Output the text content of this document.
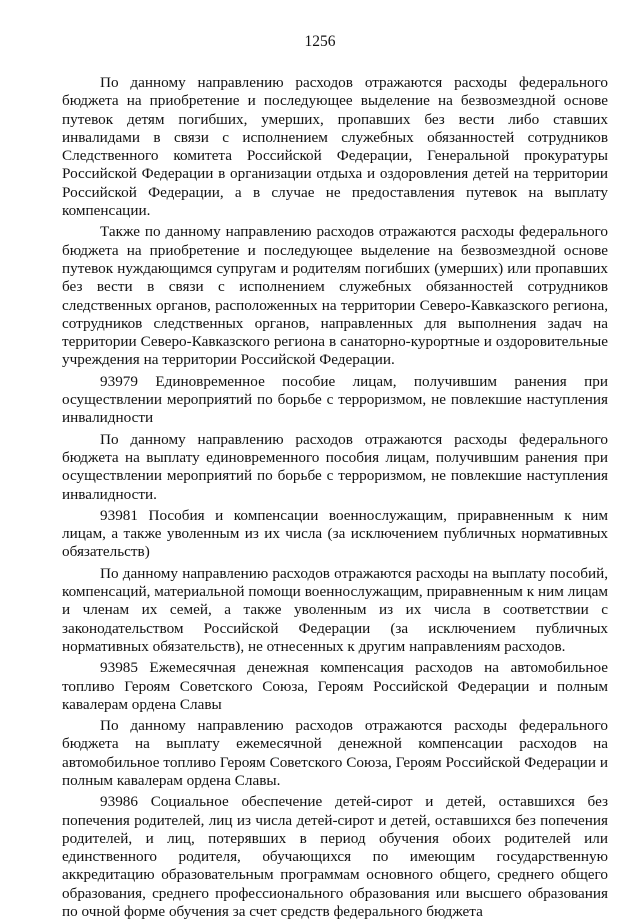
1256

По данному направлению расходов отражаются расходы федерального бюджета на приобретение и последующее выделение на безвозмездной основе путевок детям погибших, умерших, пропавших без вести либо ставших инвалидами в связи с исполнением служебных обязанностей сотрудников Следственного комитета Российской Федерации, Генеральной прокуратуры Российской Федерации в организации отдыха и оздоровления детей на территории Российской Федерации, а в случае не предоставления путевок на выплату компенсации.

Также по данному направлению расходов отражаются расходы федерального бюджета на приобретение и последующее выделение на безвозмездной основе путевок нуждающимся супругам и родителям погибших (умерших) или пропавших без вести в связи с исполнением служебных обязанностей сотрудников следственных органов, расположенных на территории Северо-Кавказского региона, сотрудников следственных органов, направленных для выполнения задач на территории Северо-Кавказского региона в санаторно-курортные и оздоровительные учреждения на территории Российской Федерации.

93979 Единовременное пособие лицам, получившим ранения при осуществлении мероприятий по борьбе с терроризмом, не повлекшие наступления инвалидности

По данному направлению расходов отражаются расходы федерального бюджета на выплату единовременного пособия лицам, получившим ранения при осуществлении мероприятий по борьбе с терроризмом, не повлекшие наступления инвалидности.

93981 Пособия и компенсации военнослужащим, приравненным к ним лицам, а также уволенным из их числа (за исключением публичных нормативных обязательств)

По данному направлению расходов отражаются расходы на выплату пособий, компенсаций, материальной помощи военнослужащим, приравненным к ним лицам и членам их семей, а также уволенным из их числа в соответствии с законодательством Российской Федерации (за исключением публичных нормативных обязательств), не отнесенных к другим направлениям расходов.

93985 Ежемесячная денежная компенсация расходов на автомобильное топливо Героям Советского Союза, Героям Российской Федерации и полным кавалерам ордена Славы

По данному направлению расходов отражаются расходы федерального бюджета на выплату ежемесячной денежной компенсации расходов на автомобильное топливо Героям Советского Союза, Героям Российской Федерации и полным кавалерам ордена Славы.

93986 Социальное обеспечение детей-сирот и детей, оставшихся без попечения родителей, лиц из числа детей-сирот и детей, оставшихся без попечения родителей, и лиц, потерявших в период обучения обоих родителей или единственного родителя, обучающихся по имеющим государственную аккредитацию образовательным программам основного общего, среднего общего образования, среднего профессионального образования или высшего образования по очной форме обучения за счет средств федерального бюджета
